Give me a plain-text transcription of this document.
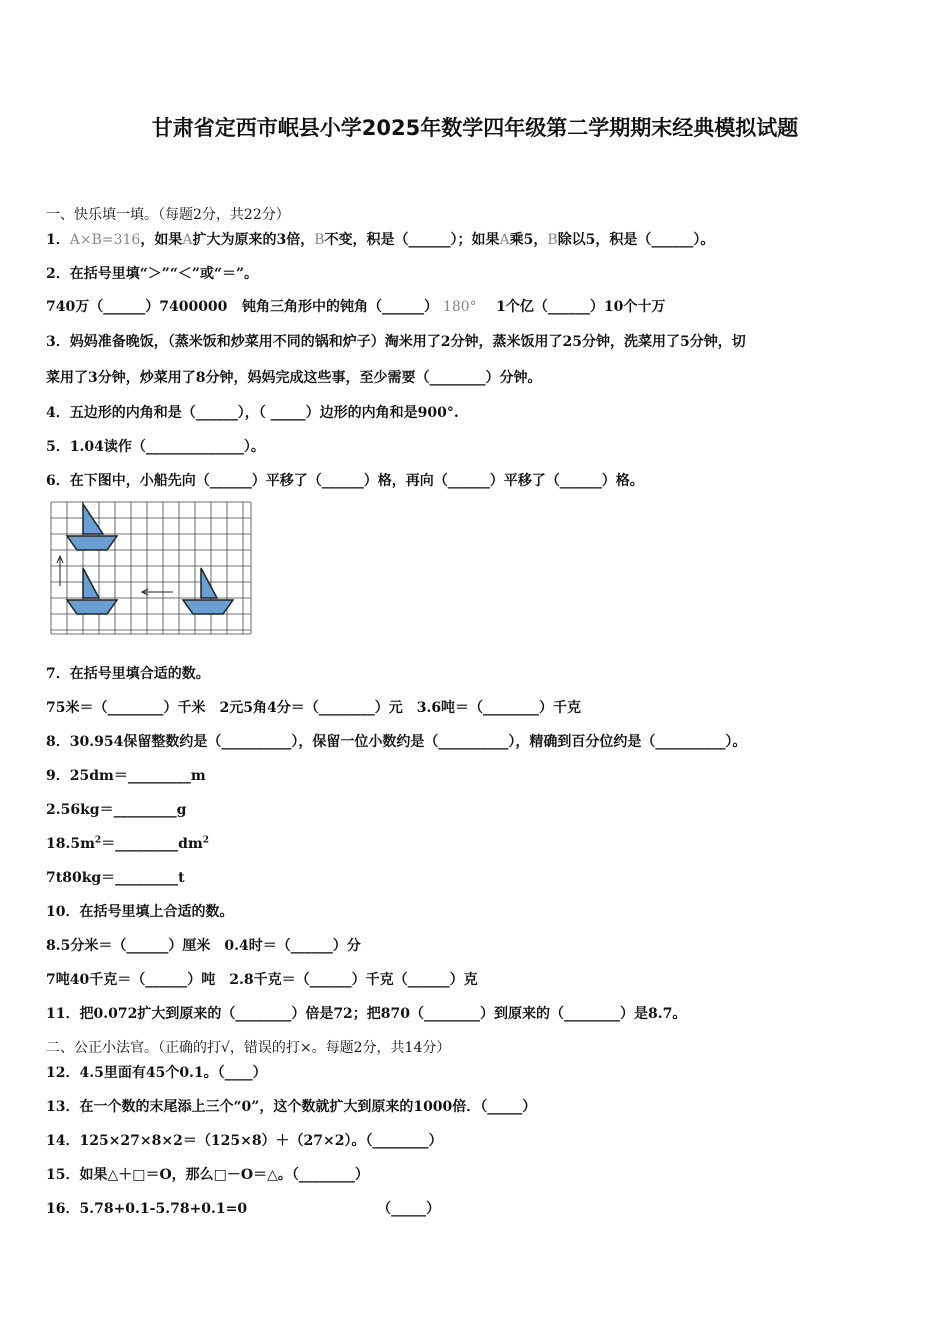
甘肃省定西市岷县小学2025年数学四年级第二学期期末经典模拟试题
一、快乐填一填。（每题2分，共22分）
1．A×B=316，如果A扩大为原来的3倍，B不变，积是（______）；如果A乘5，B除以5，积是（______）。
2．在括号里填“＞”“＜”或“＝”。
740万（______）7400000 钝角三角形中的钝角（______） 180° 1个亿（______）10个十万
3．妈妈准备晚饭，（蒸米饭和炒菜用不同的锅和炉子）淘米用了2分钟，蒸米饭用了25分钟，洗菜用了5分钟，切
菜用了3分钟，炒菜用了8分钟，妈妈完成这些事，至少需要（________）分钟。
4．五边形的内角和是（______），（ _____）边形的内角和是900°.
5．1.04读作（______________）。
6．在下图中，小船先向（______）平移了（______）格，再向（______）平移了（______）格。
7．在括号里填合适的数。
75米＝（________）千米　2元5角4分＝（________）元　3.6吨＝（________）千克
8．30.954保留整数约是（__________），保留一位小数约是（__________），精确到百分位约是（__________）。
9．25dm＝_________m
2.56kg＝_________g
$18.5m^2=\_\_\_\_\_\_\_\_\_dm^2$
7t80kg＝_________t
10．在括号里填上合适的数。
8.5分米＝（______）厘米　0.4时＝（______）分
7吨40千克＝（______）吨　2.8千克＝（______）千克（______）克
11．把0.072扩大到原来的（________）倍是72；把870（________）到原来的（________）是8.7。
二、公正小法官。（正确的打√，错误的打×。每题2分，共14分）
12．4.5里面有45个0.1。（____）
13．在一个数的末尾添上三个“0”，这个数就扩大到原来的1000倍．（_____）
14．125×27×8×2＝（125×8）＋（27×2）。（________）
15．如果△＋□＝O，那么□－O＝△。（________）
16．5.78+0.1-5.78+0.1=0	（_____）
